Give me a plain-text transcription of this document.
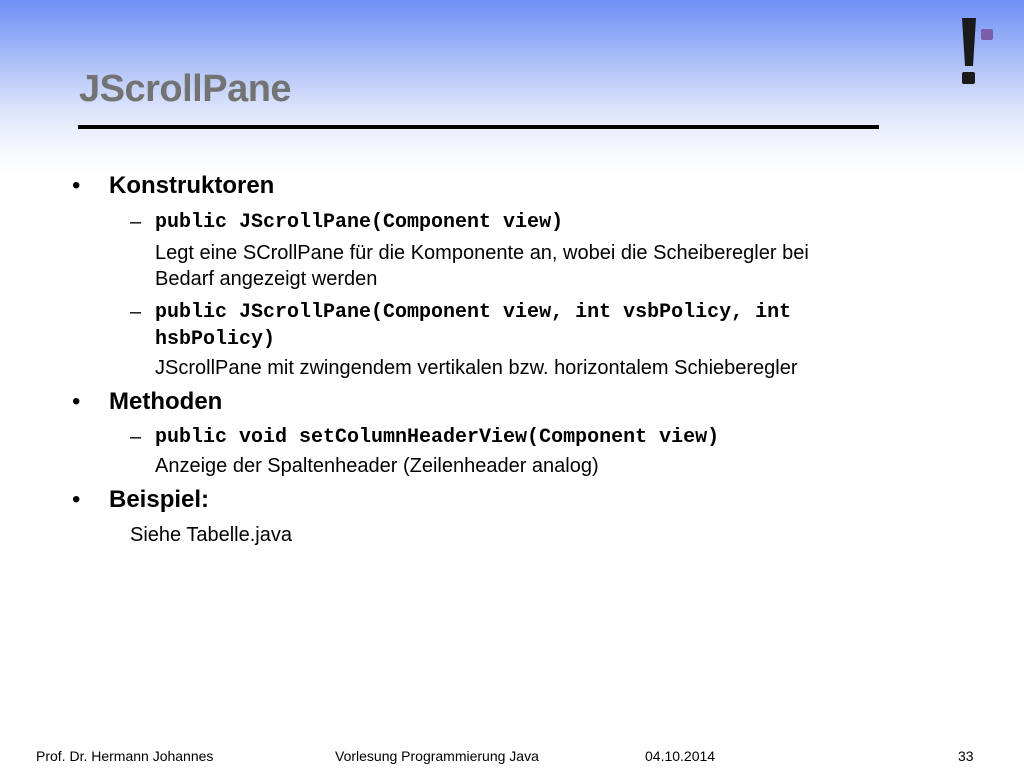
JScrollPane
• Konstruktoren
– public JScrollPane(Component view)
Legt eine SCrollPane für die Komponente an, wobei die Scheiberegler bei
Bedarf angezeigt werden
– public JScrollPane(Component view, int vsbPolicy, int
hsbPolicy)
JScrollPane mit zwingendem vertikalen bzw. horizontalem Schieberegler
• Methoden
– public void setColumnHeaderView(Component view)
Anzeige der Spaltenheader (Zeilenheader analog)
• Beispiel:
Siehe Tabelle.java
Prof. Dr. Hermann Johannes	Vorlesung Programmierung Java	04.10.2014	33
